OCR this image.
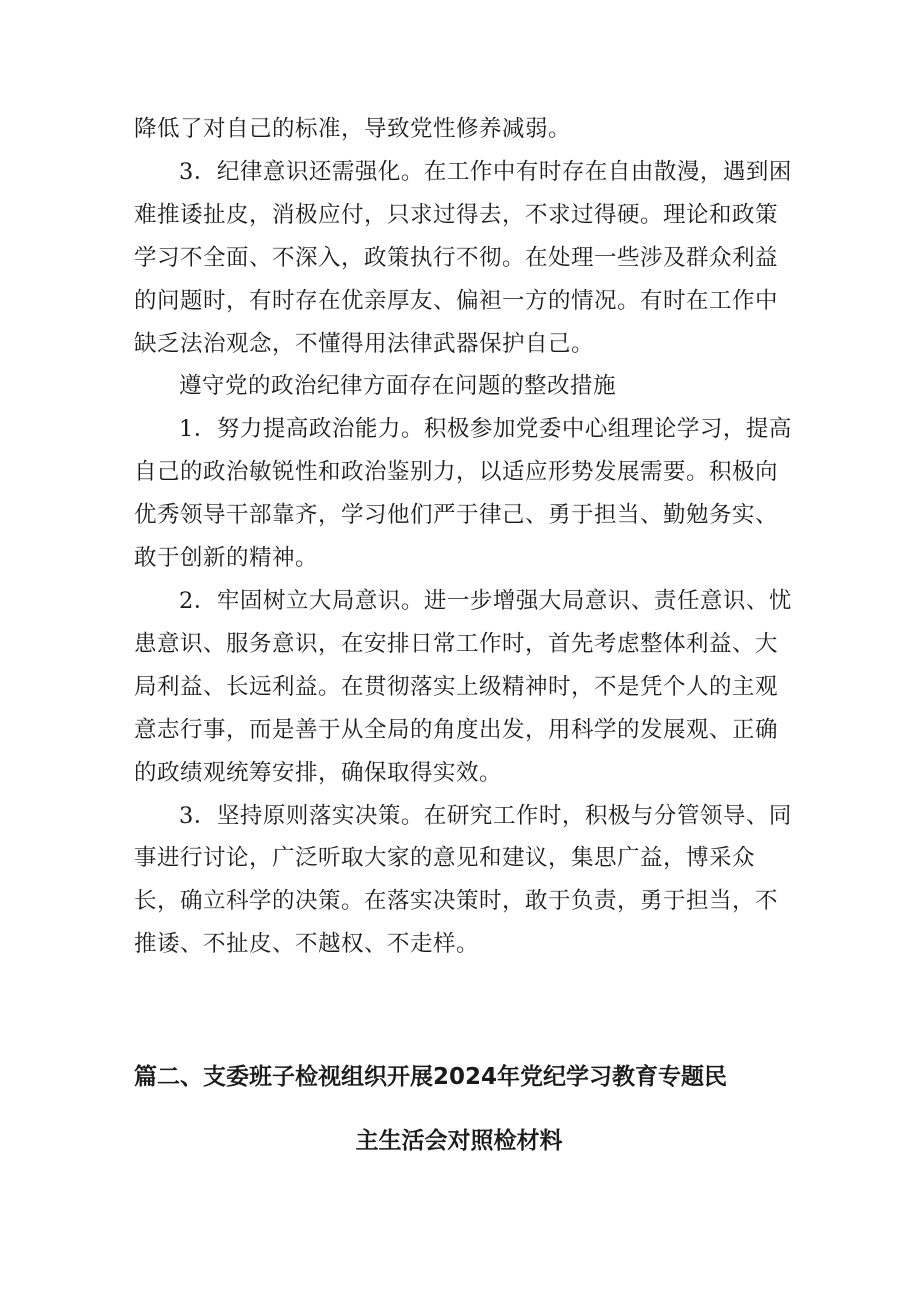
降低了对自己的标准，导致党性修养减弱。

3．纪律意识还需强化。在工作中有时存在自由散漫，遇到困难推诿扯皮，消极应付，只求过得去，不求过得硬。理论和政策学习不全面、不深入，政策执行不彻。在处理一些涉及群众利益的问题时，有时存在优亲厚友、偏袒一方的情况。有时在工作中缺乏法治观念，不懂得用法律武器保护自己。

遵守党的政治纪律方面存在问题的整改措施

1．努力提高政治能力。积极参加党委中心组理论学习，提高自己的政治敏锐性和政治鉴别力，以适应形势发展需要。积极向优秀领导干部靠齐，学习他们严于律己、勇于担当、勤勉务实、敢于创新的精神。

2．牢固树立大局意识。进一步增强大局意识、责任意识、忧患意识、服务意识，在安排日常工作时，首先考虑整体利益、大局利益、长远利益。在贯彻落实上级精神时，不是凭个人的主观意志行事，而是善于从全局的角度出发，用科学的发展观、正确的政绩观统筹安排，确保取得实效。

3．坚持原则落实决策。在研究工作时，积极与分管领导、同事进行讨论，广泛听取大家的意见和建议，集思广益，博采众长，确立科学的决策。在落实决策时，敢于负责，勇于担当，不推诿、不扯皮、不越权、不走样。

篇二、支委班子检视组织开展2024年党纪学习教育专题民
主生活会对照检材料
